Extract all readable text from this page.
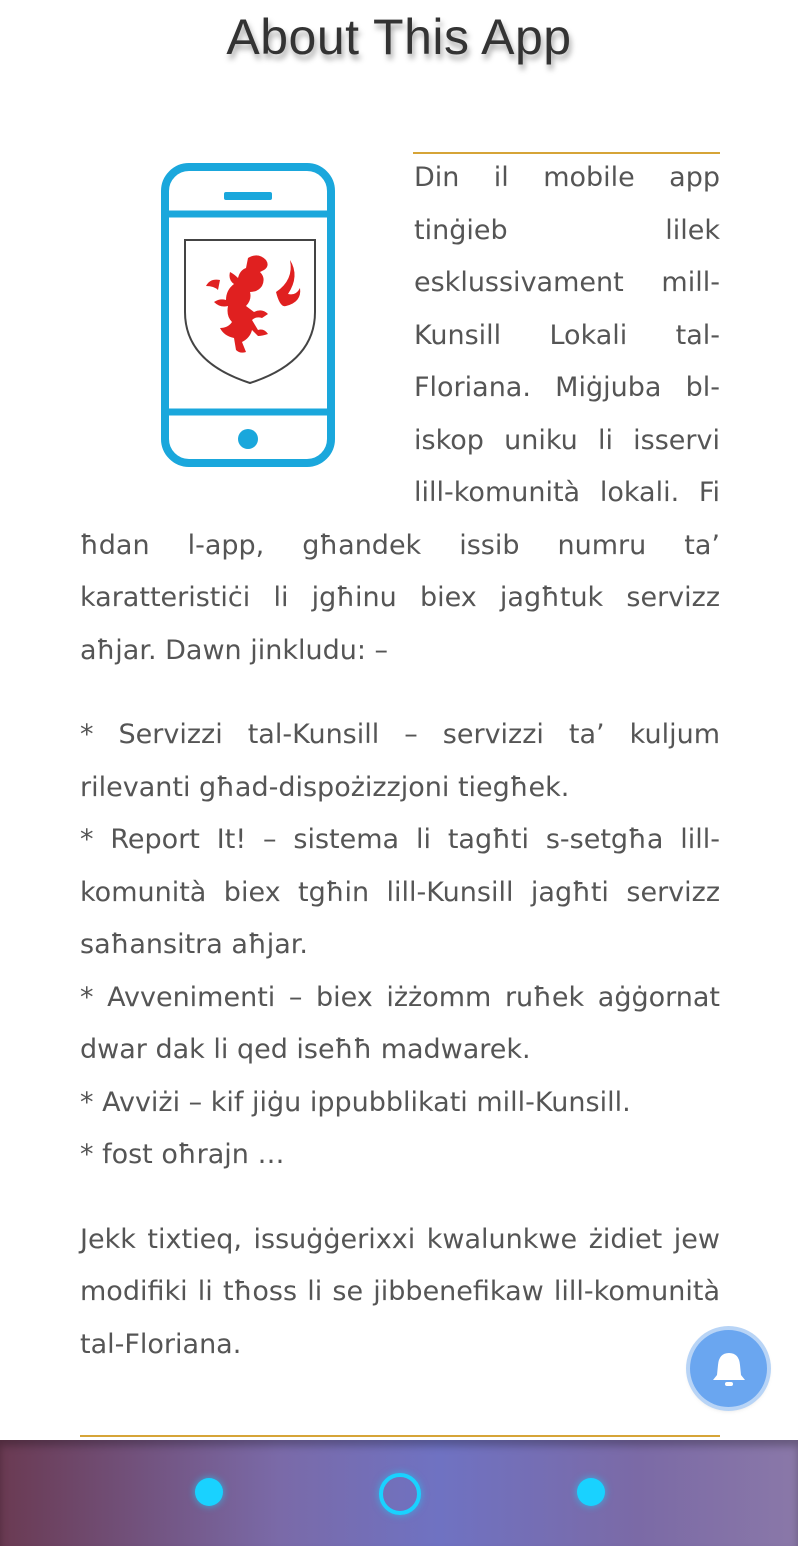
About This App

Din il mobile app tinġieb lilek esklussivament mill-Kunsill Lokali tal-Floriana. Miġjuba bl-iskop uniku li isservi lill-komunità lokali. Fi ħdan l-app, għandek issib numru ta’ karatteristiċi li jgħinu biex jagħtuk servizz aħjar. Dawn jinkludu: –

* Servizzi tal-Kunsill – servizzi ta’ kuljum rilevanti għad-dispożizzjoni tiegħek.
* Report It! – sistema li tagħti s-setgħa lill-komunità biex tgħin lill-Kunsill jagħti servizz saħansitra aħjar.
* Avvenimenti – biex iżżomm ruħek aġġornat dwar dak li qed iseħħ madwarek.
* Avviżi – kif jiġu ippubblikati mill-Kunsill.
* fost oħrajn …

Jekk tixtieq, issuġġerixxi kwalunkwe żidiet jew modifiki li tħoss li se jibbenefikaw lill-komunità tal-Floriana.
